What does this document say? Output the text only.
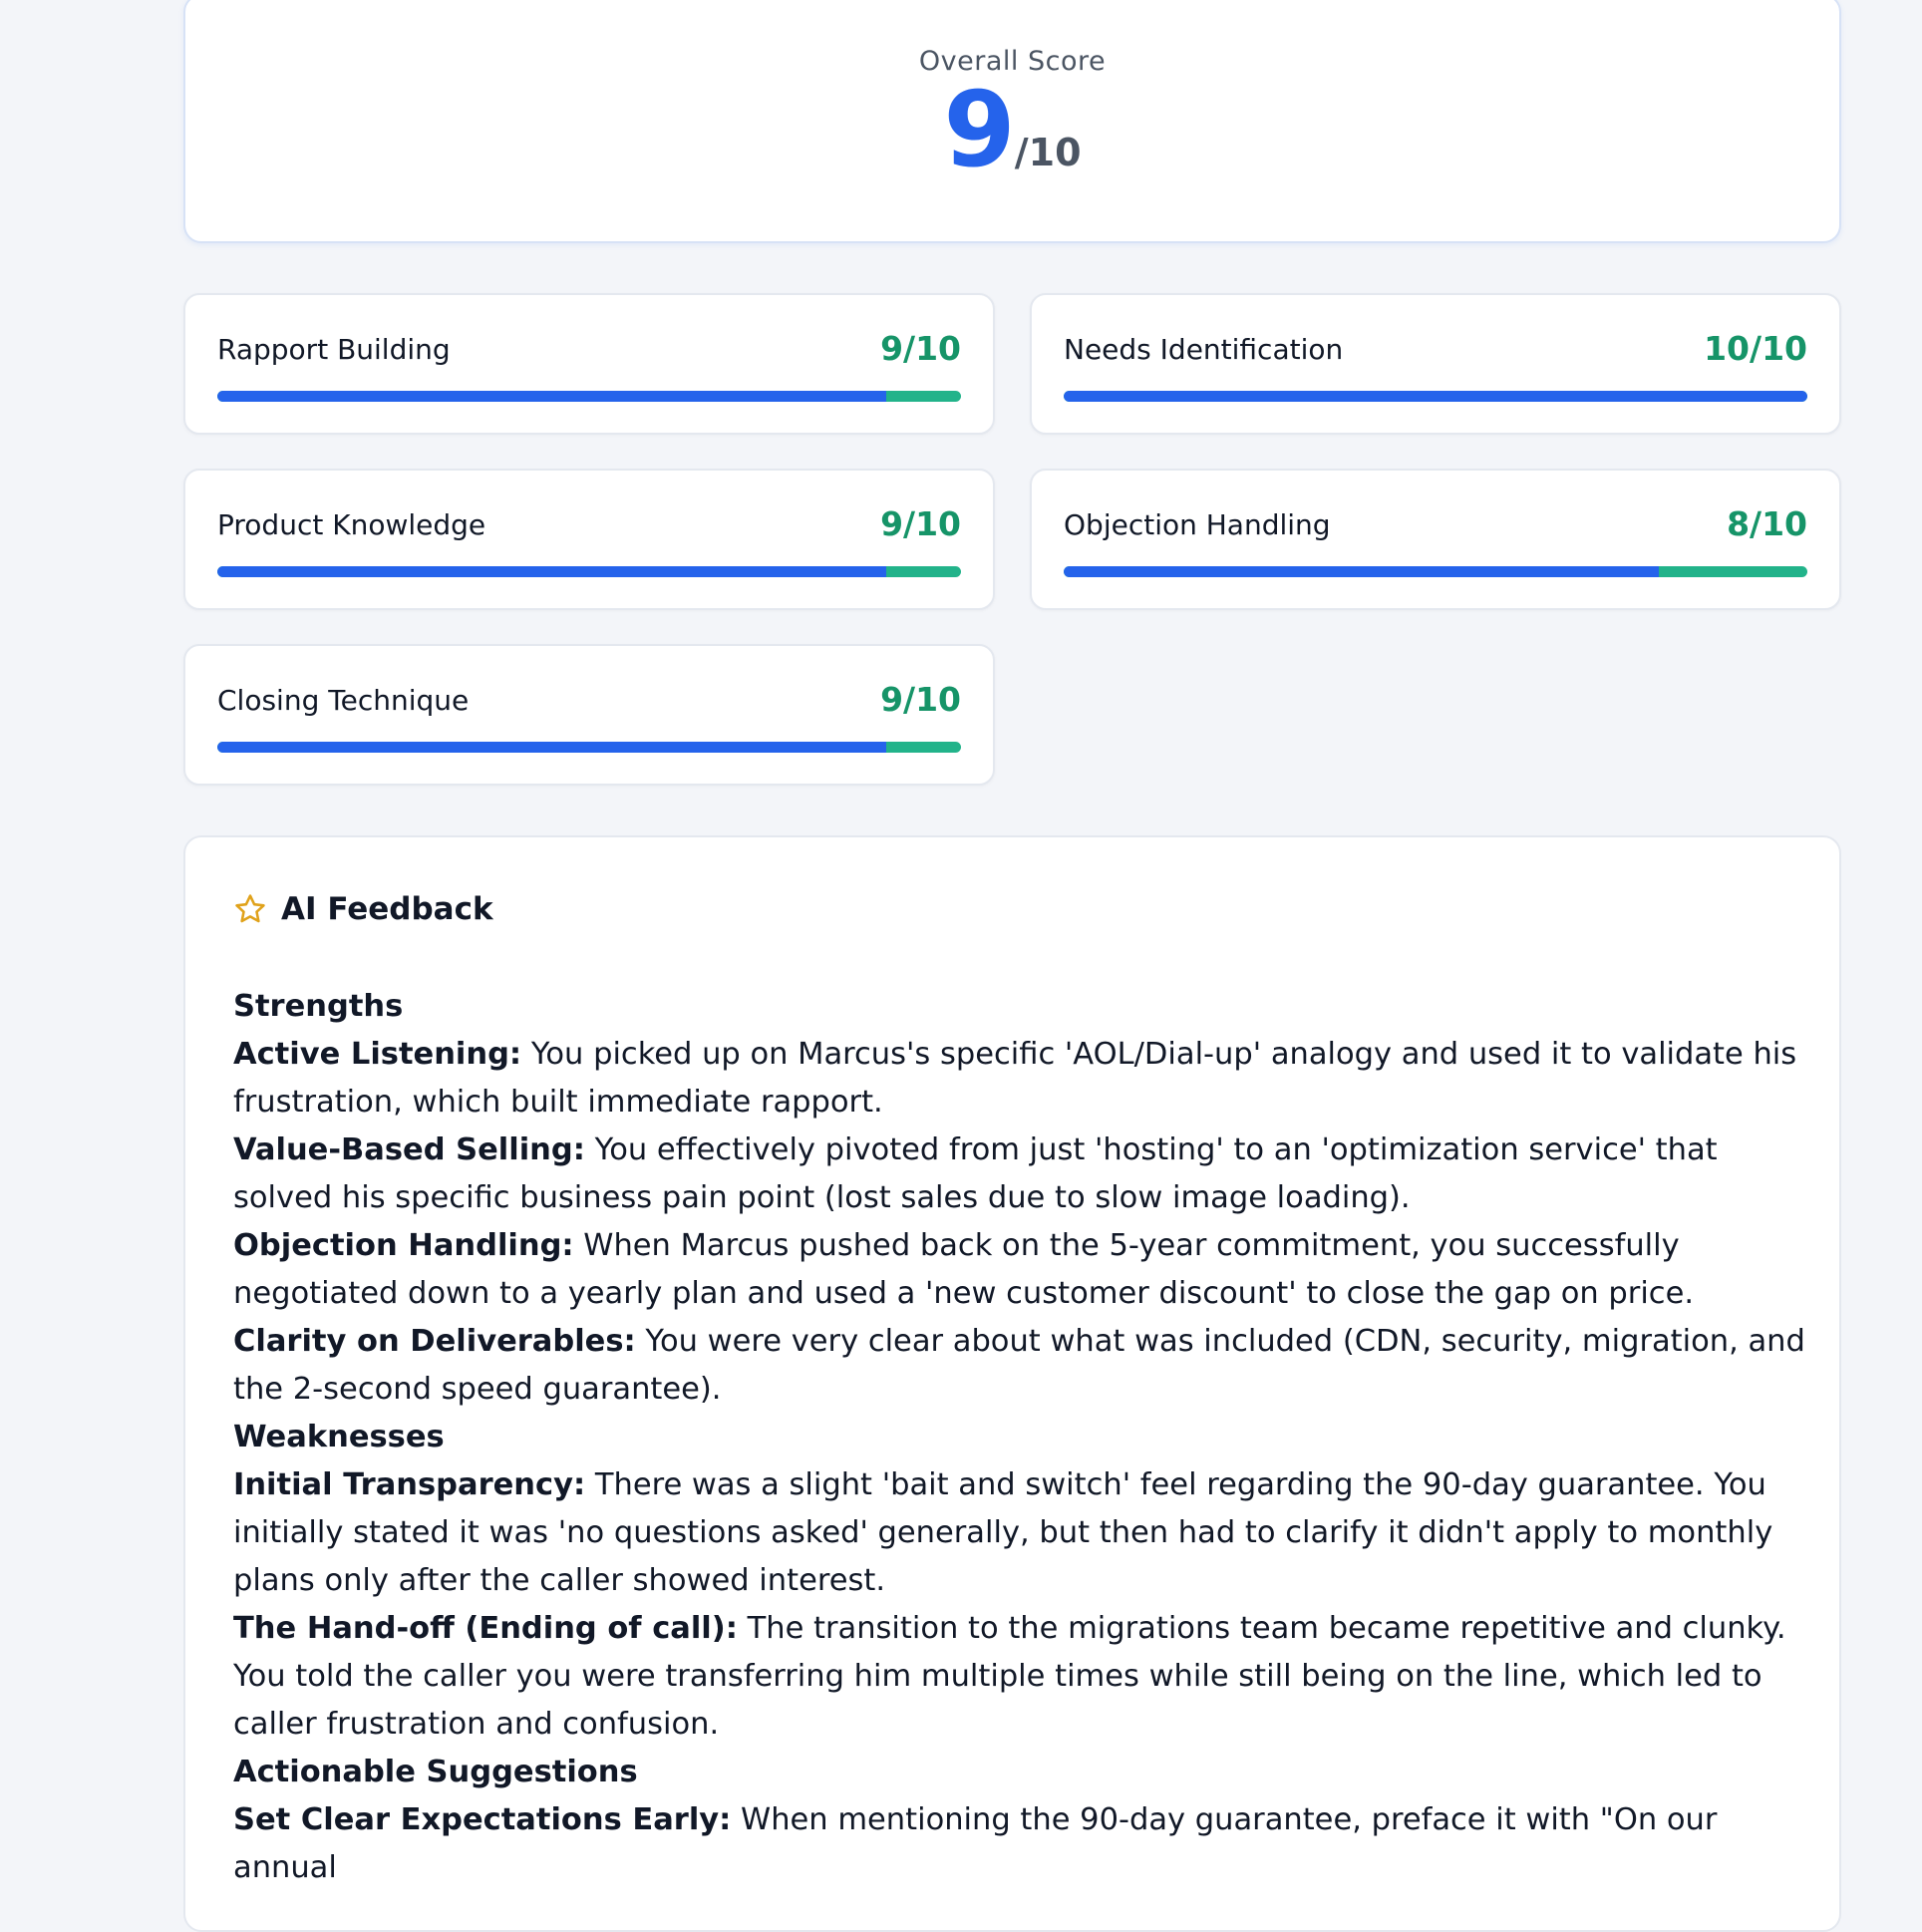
Overall Score
9 /10
Rapport Building	9/10	Needs Identification	10/10
Product Knowledge	9/10	Objection Handling	8/10
Closing Technique	9/10
AI Feedback
Strengths
Active Listening: You picked up on Marcus's specific 'AOL/Dial-up' analogy and used it to validate his frustration, which built immediate rapport.
Value-Based Selling: You effectively pivoted from just 'hosting' to an 'optimization service' that solved his specific business pain point (lost sales due to slow image loading).
Objection Handling: When Marcus pushed back on the 5-year commitment, you successfully negotiated down to a yearly plan and used a 'new customer discount' to close the gap on price.
Clarity on Deliverables: You were very clear about what was included (CDN, security, migration, and the 2-second speed guarantee).
Weaknesses
Initial Transparency: There was a slight 'bait and switch' feel regarding the 90-day guarantee. You initially stated it was 'no questions asked' generally, but then had to clarify it didn't apply to monthly plans only after the caller showed interest.
The Hand-off (Ending of call): The transition to the migrations team became repetitive and clunky. You told the caller you were transferring him multiple times while still being on the line, which led to caller frustration and confusion.
Actionable Suggestions
Set Clear Expectations Early: When mentioning the 90-day guarantee, preface it with "On our annual
